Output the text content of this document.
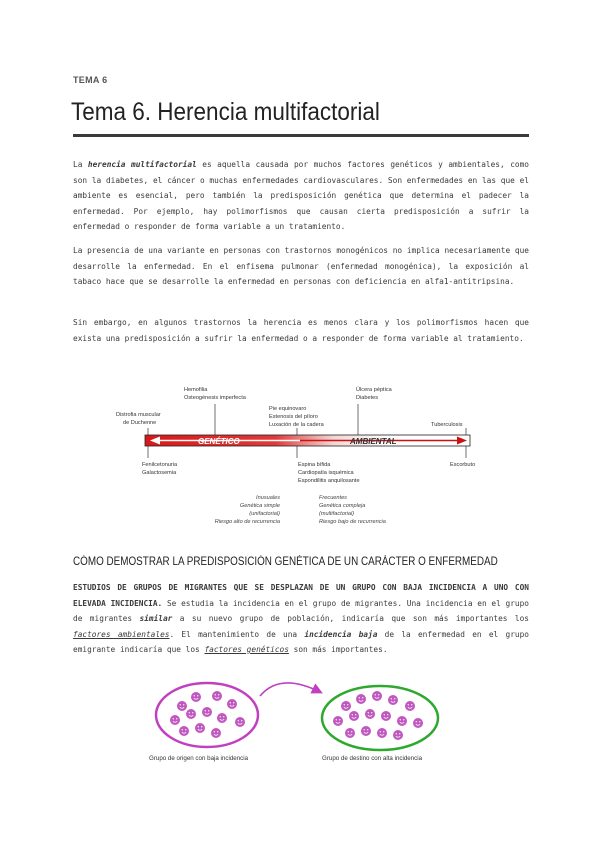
TEMA 6
Tema 6. Herencia multifactorial
La herencia multifactorial es aquella causada por muchos factores genéticos y ambientales, como son la diabetes, el cáncer o muchas enfermedades cardiovasculares. Son enfermedades en las que el ambiente es esencial, pero también la predisposición genética que determina el padecer la enfermedad. Por ejemplo, hay polimorfismos que causan cierta predisposición a sufrir la enfermedad o responder de forma variable a un tratamiento.
La presencia de una variante en personas con trastornos monogénicos no implica necesariamente que desarrolle la enfermedad. En el enfisema pulmonar (enfermedad monogénica), la exposición al tabaco hace que se desarrolle la enfermedad en personas con deficiencia en alfa1-antitripsina.
Sin embargo, en algunos trastornos la herencia es menos clara y los polimorfismos hacen que exista una predisposición a sufrir la enfermedad o a responder de forma variable al tratamiento.
GENÉTICO	AMBIENTAL
Hemofilia
Osteogénesis imperfecta
Distrofia muscular
de Duchenne
Pie equinovaro
Estenosis del píloro
Luxación de la cadera
Úlcera péptica
Diabetes
Tuberculosis
Fenilcetonuria
Galactosemia
Espina bífida
Cardiopatía isquémica
Espondilitis anquilosante
Escorbuto
Inusuales
Genética simple
(unifactorial)
Riesgo alto de recurrencia
Frecuentes
Genética compleja
(multifactorial)
Riesgo bajo de recurrencia
CÓMO DEMOSTRAR LA PREDISPOSICIÓN GENÉTICA DE UN CARÁCTER O ENFERMEDAD
ESTUDIOS DE GRUPOS DE MIGRANTES QUE SE DESPLAZAN DE UN GRUPO CON BAJA INCIDENCIA A UNO CON ELEVADA INCIDENCIA. Se estudia la incidencia en el grupo de migrantes. Una incidencia en el grupo de migrantes similar a su nuevo grupo de población, indicaría que son más importantes los factores ambientales. El mantenimiento de una incidencia baja de la enfermedad en el grupo emigrante indicaría que los factores genéticos son más importantes.
Grupo de origen con baja incidencia	Grupo de destino con alta incidencia
